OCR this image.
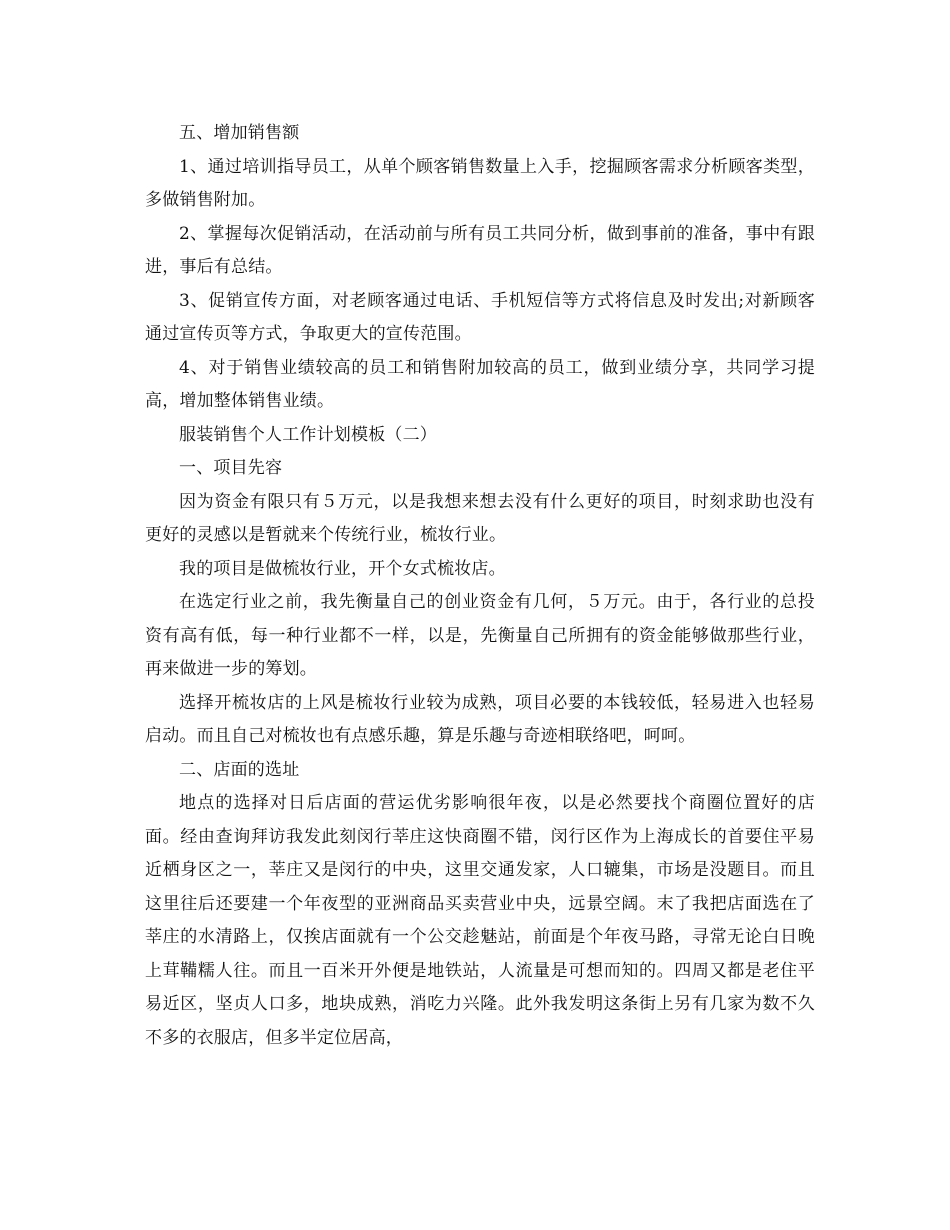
五、增加销售额

1、通过培训指导员工，从单个顾客销售数量上入手，挖掘顾客需求分析顾客类型，多做销售附加。

2、掌握每次促销活动，在活动前与所有员工共同分析，做到事前的准备，事中有跟进，事后有总结。

3、促销宣传方面，对老顾客通过电话、手机短信等方式将信息及时发出;对新顾客通过宣传页等方式，争取更大的宣传范围。

4、对于销售业绩较高的员工和销售附加较高的员工，做到业绩分享，共同学习提高，增加整体销售业绩。

服装销售个人工作计划模板（二）

一、项目先容

因为资金有限只有５万元，以是我想来想去没有什么更好的项目，时刻求助也没有更好的灵感以是暂就来个传统行业，梳妆行业。

我的项目是做梳妆行业，开个女式梳妆店。

在选定行业之前，我先衡量自己的创业资金有几何，５万元。由于，各行业的总投资有高有低，每一种行业都不一样，以是，先衡量自己所拥有的资金能够做那些行业，再来做进一步的筹划。

选择开梳妆店的上风是梳妆行业较为成熟，项目必要的本钱较低，轻易进入也轻易启动。而且自己对梳妆也有点感乐趣，算是乐趣与奇迹相联络吧，呵呵。

二、店面的选址

地点的选择对日后店面的营运优劣影响很年夜，以是必然要找个商圈位置好的店面。经由查询拜访我发此刻闵行莘庄这快商圈不错，闵行区作为上海成长的首要住平易近栖身区之一，莘庄又是闵行的中央，这里交通发家，人口辘集，市场是没题目。而且这里往后还要建一个年夜型的亚洲商品买卖营业中央，远景空阔。末了我把店面选在了莘庄的水清路上，仅挨店面就有一个公交趁魅站，前面是个年夜马路，寻常无论白日晚上茸鞴糯人往。而且一百米开外便是地铁站，人流量是可想而知的。四周又都是老住平易近区，坚贞人口多，地块成熟，消吃力兴隆。此外我发明这条街上另有几家为数不久不多的衣服店，但多半定位居高，
